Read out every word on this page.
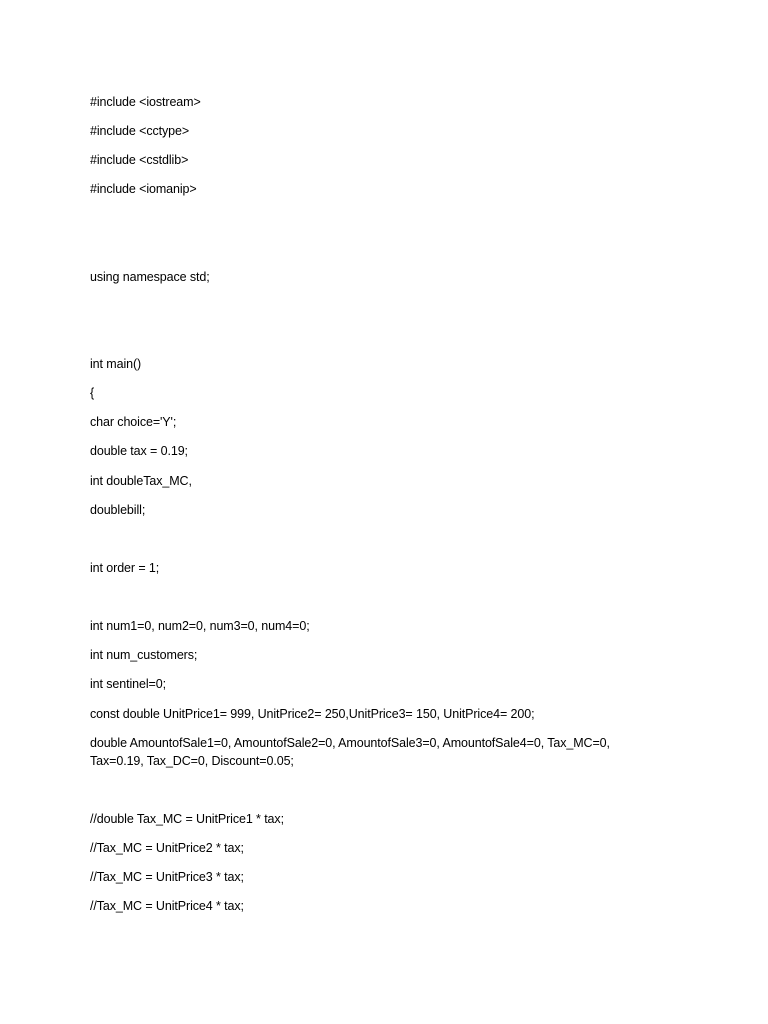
#include <iostream>
#include <cctype>
#include <cstdlib>
#include <iomanip>
using namespace std;
int main()
{
char choice='Y';
double tax = 0.19;
int doubleTax_MC,
doublebill;
int order = 1;
int num1=0, num2=0, num3=0, num4=0;
int num_customers;
int sentinel=0;
const double UnitPrice1= 999, UnitPrice2= 250,UnitPrice3= 150, UnitPrice4= 200;
double AmountofSale1=0, AmountofSale2=0, AmountofSale3=0, AmountofSale4=0, Tax_MC=0, Tax=0.19, Tax_DC=0, Discount=0.05;
//double Tax_MC = UnitPrice1 * tax;
//Tax_MC = UnitPrice2 * tax;
//Tax_MC = UnitPrice3 * tax;
//Tax_MC = UnitPrice4 * tax;
